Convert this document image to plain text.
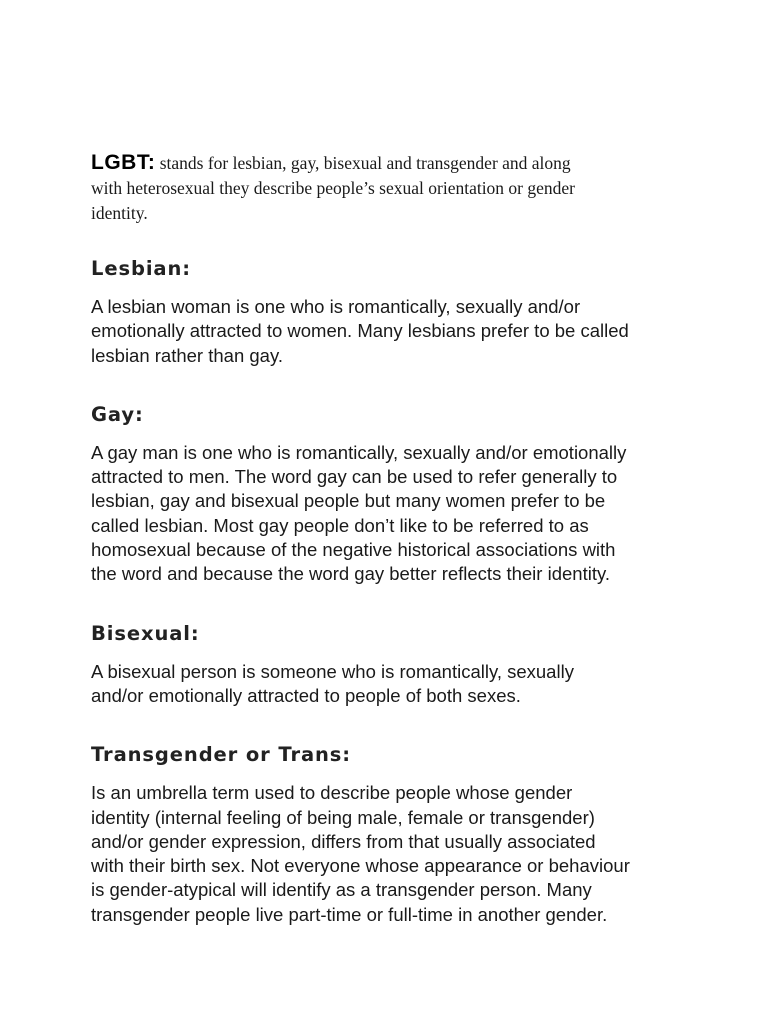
LGBT: stands for lesbian, gay, bisexual and transgender and along
with heterosexual they describe people’s sexual orientation or gender
identity.

Lesbian:

A lesbian woman is one who is romantically, sexually and/or
emotionally attracted to women. Many lesbians prefer to be called
lesbian rather than gay.

Gay:

A gay man is one who is romantically, sexually and/or emotionally
attracted to men. The word gay can be used to refer generally to
lesbian, gay and bisexual people but many women prefer to be
called lesbian. Most gay people don’t like to be referred to as
homosexual because of the negative historical associations with
the word and because the word gay better reflects their identity.

Bisexual:

A bisexual person is someone who is romantically, sexually
and/or emotionally attracted to people of both sexes.

Transgender or Trans:

Is an umbrella term used to describe people whose gender
identity (internal feeling of being male, female or transgender)
and/or gender expression, differs from that usually associated
with their birth sex. Not everyone whose appearance or behaviour
is gender-atypical will identify as a transgender person. Many
transgender people live part-time or full-time in another gender.
